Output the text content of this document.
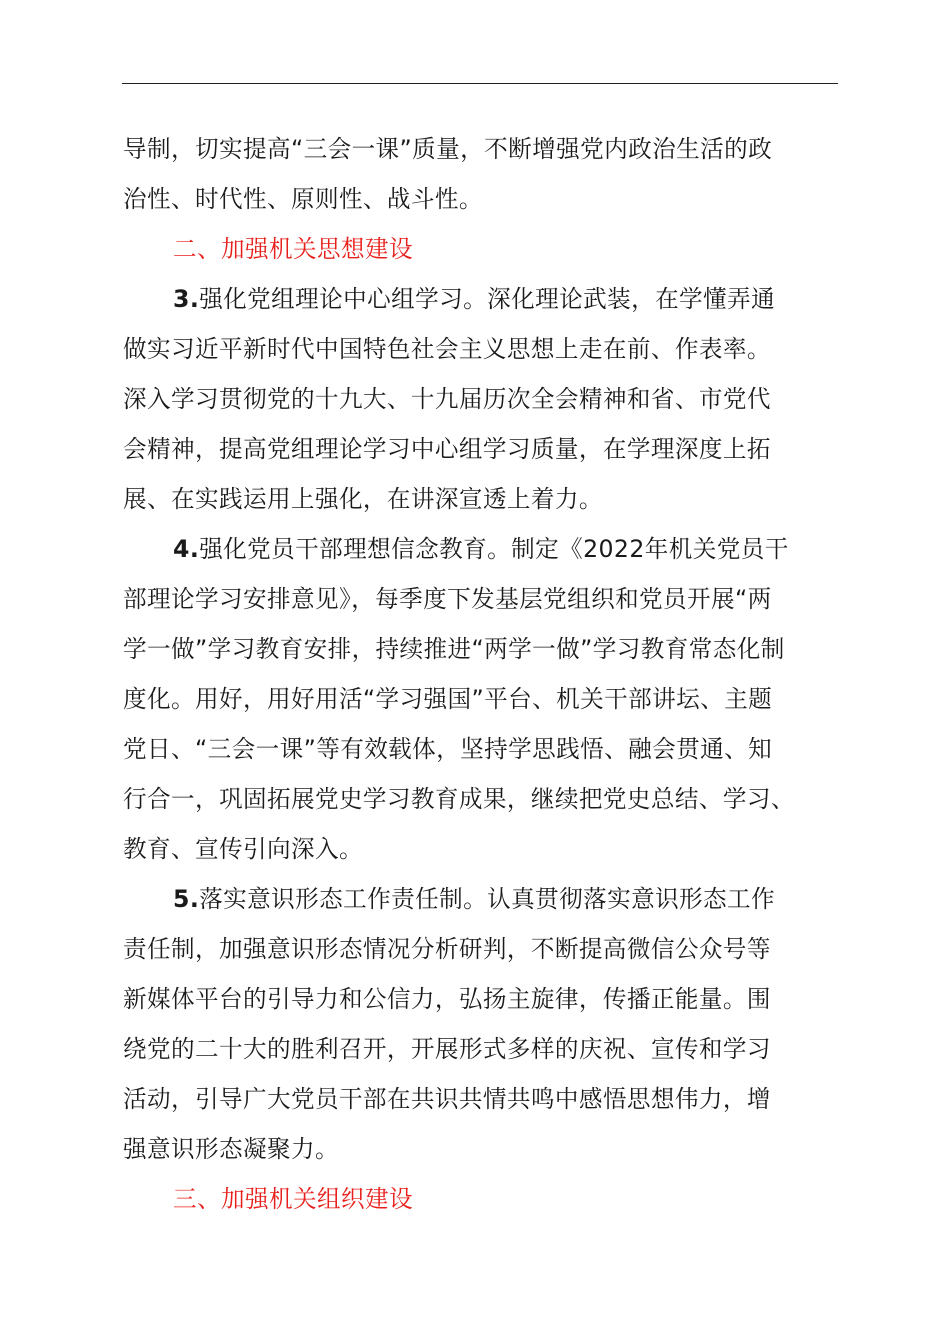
导制，切实提高“三会一课”质量，不断增强党内政治生活的政
治性、时代性、原则性、战斗性。
二、加强机关思想建设
3.强化党组理论中心组学习。深化理论武装，在学懂弄通
做实习近平新时代中国特色社会主义思想上走在前、作表率。
深入学习贯彻党的十九大、十九届历次全会精神和省、市党代
会精神，提高党组理论学习中心组学习质量，在学理深度上拓
展、在实践运用上强化，在讲深宣透上着力。
4.强化党员干部理想信念教育。制定《2022年机关党员干
部理论学习安排意见》，每季度下发基层党组织和党员开展“两
学一做”学习教育安排，持续推进“两学一做”学习教育常态化制
度化。用好，用好用活“学习强国”平台、机关干部讲坛、主题
党日、“三会一课”等有效载体，坚持学思践悟、融会贯通、知
行合一，巩固拓展党史学习教育成果，继续把党史总结、学习、
教育、宣传引向深入。
5.落实意识形态工作责任制。认真贯彻落实意识形态工作
责任制，加强意识形态情况分析研判，不断提高微信公众号等
新媒体平台的引导力和公信力，弘扬主旋律，传播正能量。围
绕党的二十大的胜利召开，开展形式多样的庆祝、宣传和学习
活动，引导广大党员干部在共识共情共鸣中感悟思想伟力，增
强意识形态凝聚力。
三、加强机关组织建设
